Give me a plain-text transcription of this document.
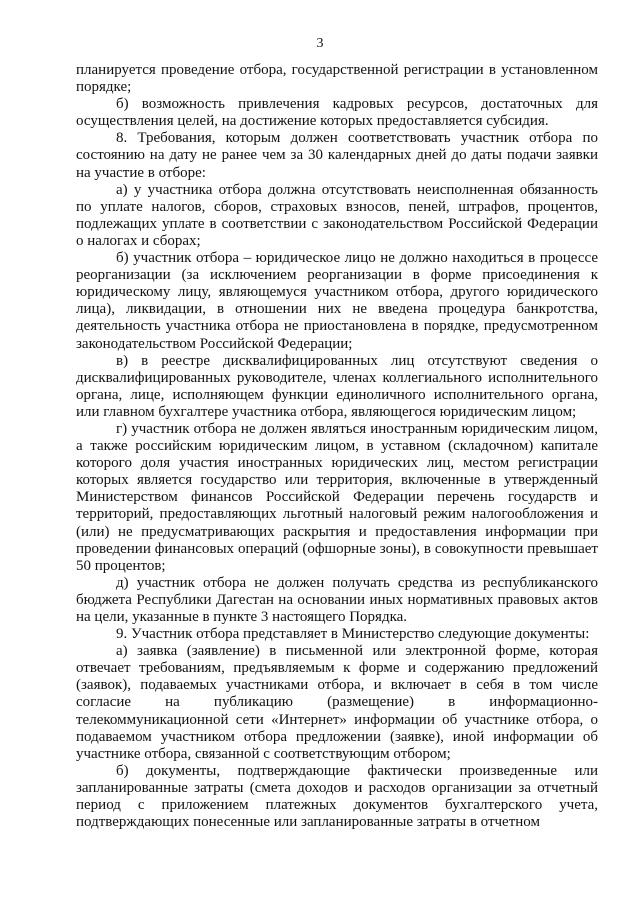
3

планируется проведение отбора, государственной регистрации в установленном порядке;

б) возможность привлечения кадровых ресурсов, достаточных для осуществления целей, на достижение которых предоставляется субсидия.

8. Требования, которым должен соответствовать участник отбора по состоянию на дату не ранее чем за 30 календарных дней до даты подачи заявки на участие в отборе:

а) у участника отбора должна отсутствовать неисполненная обязанность по уплате налогов, сборов, страховых взносов, пеней, штрафов, процентов, подлежащих уплате в соответствии с законодательством Российской Федерации о налогах и сборах;

б) участник отбора – юридическое лицо не должно находиться в процессе реорганизации (за исключением реорганизации в форме присоединения к юридическому лицу, являющемуся участником отбора, другого юридического лица), ликвидации, в отношении них не введена процедура банкротства, деятельность участника отбора не приостановлена в порядке, предусмотренном законодательством Российской Федерации;

в) в реестре дисквалифицированных лиц отсутствуют сведения о дисквалифицированных руководителе, членах коллегиального исполнительного органа, лице, исполняющем функции единоличного исполнительного органа, или главном бухгалтере участника отбора, являющегося юридическим лицом;

г) участник отбора не должен являться иностранным юридическим лицом, а также российским юридическим лицом, в уставном (складочном) капитале которого доля участия иностранных юридических лиц, местом регистрации которых является государство или территория, включенные в утвержденный Министерством финансов Российской Федерации перечень государств и территорий, предоставляющих льготный налоговый режим налогообложения и (или) не предусматривающих раскрытия и предоставления информации при проведении финансовых операций (офшорные зоны), в совокупности превышает 50 процентов;

д) участник отбора не должен получать средства из республиканского бюджета Республики Дагестан на основании иных нормативных правовых актов на цели, указанные в пункте 3 настоящего Порядка.

9. Участник отбора представляет в Министерство следующие документы:

а) заявка (заявление) в письменной или электронной форме, которая отвечает требованиям, предъявляемым к форме и содержанию предложений (заявок), подаваемых участниками отбора, и включает в себя в том числе согласие на публикацию (размещение) в информационно-телекоммуникационной сети «Интернет» информации об участнике отбора, о подаваемом участником отбора предложении (заявке), иной информации об участнике отбора, связанной с соответствующим отбором;

б) документы, подтверждающие фактически произведенные или запланированные затраты (смета доходов и расходов организации за отчетный период с приложением платежных документов бухгалтерского учета, подтверждающих понесенные или запланированные затраты в отчетном
